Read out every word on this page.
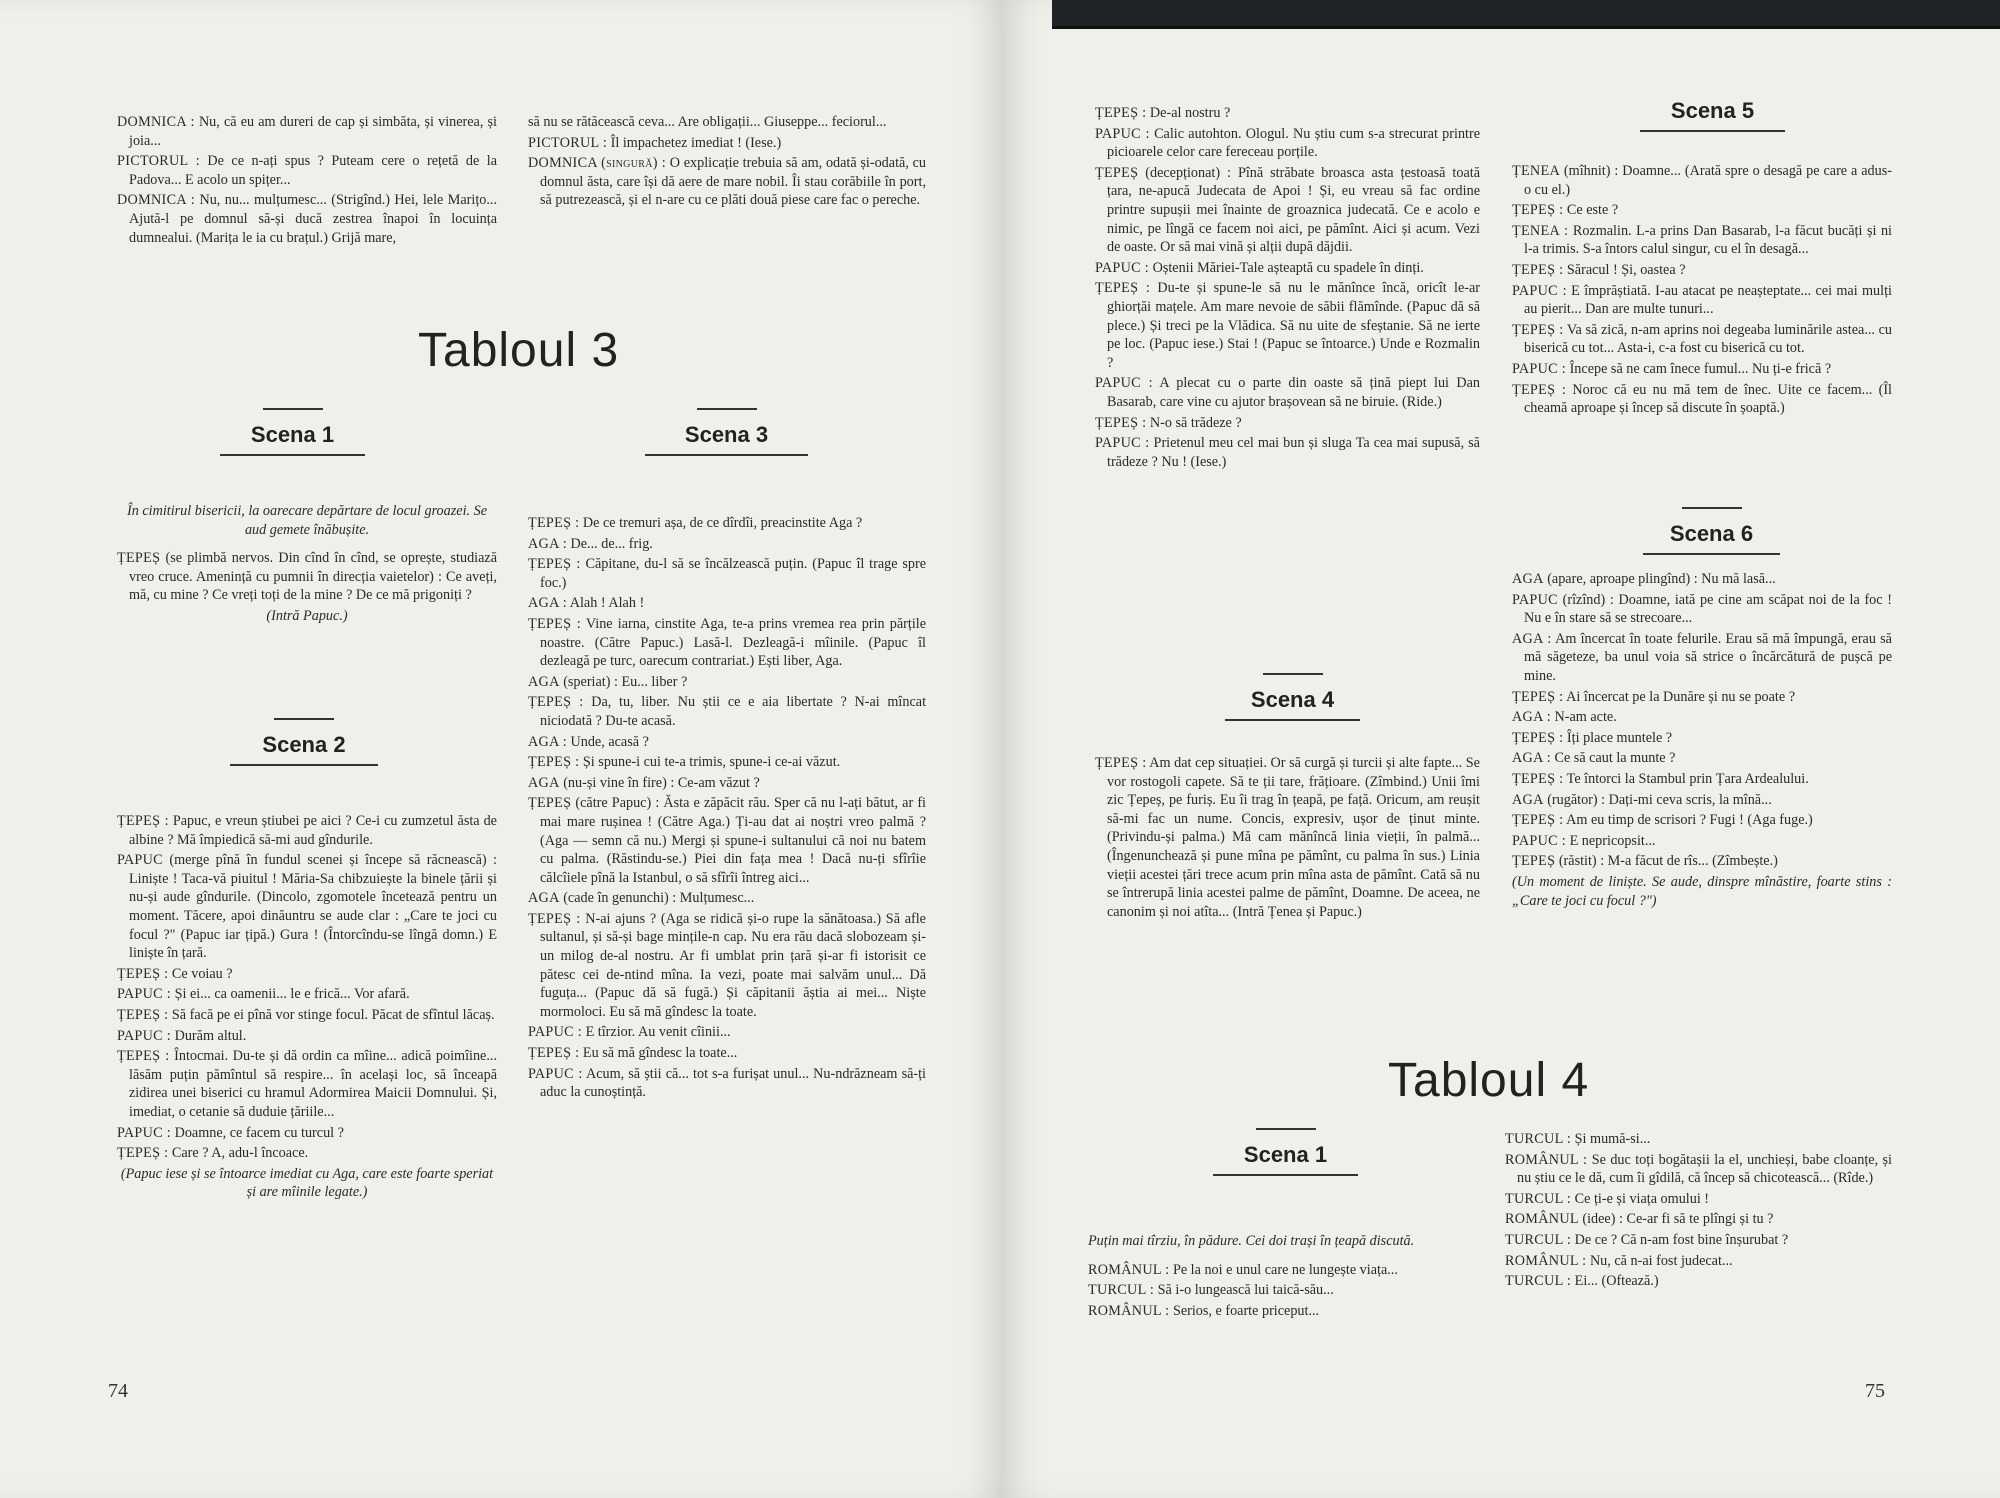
DOMNICA : Nu, că eu am dureri de cap și simbăta, și vinerea, și joia...

PICTORUL : De ce n-ați spus ? Puteam cere o rețetă de la Padova... E acolo un spițer...

DOMNICA : Nu, nu... mulțumesc... (Strigînd.) Hei, lele Marițo... Ajută-l pe domnul să-și ducă zestrea înapoi în locuința dumnealui. (Marița le ia cu brațul.) Grijă mare,

să nu se rătăcească ceva... Are obligații... Giuseppe... feciorul...

PICTORUL : Îl impachetez imediat ! (Iese.)

DOMNICA (singură) : O explicație trebuia să am, odată și-odată, cu domnul ăsta, care își dă aere de mare nobil. Îi stau corăbiile în port, să putrezească, și el n-are cu ce plăti două piese care fac o pereche.

Tabloul 3
Scena 1	Scena 3

În cimitirul bisericii, la oarecare depărtare de locul groazei. Se aud gemete înăbușite.

ȚEPEȘ (se plimbă nervos. Din cînd în cînd, se oprește, studiază vreo cruce. Amenință cu pumnii în direcția vaietelor) : Ce aveți, mă, cu mine ? Ce vreți toți de la mine ? De ce mă prigoniți ?

(Intră Papuc.)

Scena 2

ȚEPEȘ : Papuc, e vreun știubei pe aici ? Ce-i cu zumzetul ăsta de albine ? Mă împiedică să-mi aud gîndurile.

PAPUC (merge pînă în fundul scenei și începe să răcnească) : Liniște ! Taca-vă piuitul ! Măria-Sa chibzuiește la binele țării și nu-și aude gîndurile. (Dincolo, zgomotele încetează pentru un moment. Tăcere, apoi dinăuntru se aude clar : „Care te joci cu focul ?" (Papuc iar țipă.) Gura ! (Întorcîndu-se lîngă domn.) E liniște în țară.

ȚEPEȘ : Ce voiau ?

PAPUC : Și ei... ca oamenii... le e frică... Vor afară.

ȚEPEȘ : Să facă pe ei pînă vor stinge focul. Păcat de sfîntul lăcaș.

PAPUC : Durăm altul.

ȚEPEȘ : Întocmai. Du-te și dă ordin ca mîine... adică poimîine... lăsăm puțin pămîntul să respire... în același loc, să înceapă zidirea unei biserici cu hramul Adormirea Maicii Domnului. Și, imediat, o cetanie să duduie țăriile...

PAPUC : Doamne, ce facem cu turcul ?

ȚEPEȘ : Care ? A, adu-l încoace.

(Papuc iese și se întoarce imediat cu Aga, care este foarte speriat și are mîinile legate.)

ȚEPEȘ : De ce tremuri așa, de ce dîrdîi, preacinstite Aga ?

AGA : De... de... frig.

ȚEPEȘ : Căpitane, du-l să se încălzească puțin. (Papuc îl trage spre foc.)

AGA : Alah ! Alah !

ȚEPEȘ : Vine iarna, cinstite Aga, te-a prins vremea rea prin părțile noastre. (Către Papuc.) Lasă-l. Dezleagă-i mîinile. (Papuc îl dezleagă pe turc, oarecum contrariat.) Ești liber, Aga.

AGA (speriat) : Eu... liber ?

ȚEPEȘ : Da, tu, liber. Nu știi ce e aia libertate ? N-ai mîncat niciodată ? Du-te acasă.

AGA : Unde, acasă ?

ȚEPEȘ : Și spune-i cui te-a trimis, spune-i ce-ai văzut.

AGA (nu-și vine în fire) : Ce-am văzut ?

ȚEPEȘ (către Papuc) : Ăsta e zăpăcit rău. Sper că nu l-ați bătut, ar fi mai mare rușinea ! (Către Aga.) Ți-au dat ai noștri vreo palmă ? (Aga — semn că nu.) Mergi și spune-i sultanului că noi nu batem cu palma. (Răstindu-se.) Piei din fața mea ! Dacă nu-ți sfîrîie călcîiele pînă la Istanbul, o să sfîrîi întreg aici...

AGA (cade în genunchi) : Mulțumesc...

ȚEPEȘ : N-ai ajuns ? (Aga se ridică și-o rupe la sănătoasa.) Să afle sultanul, și să-și bage mințile-n cap. Nu era rău dacă slobozeam și-un milog de-al nostru. Ar fi umblat prin țară și-ar fi istorisit ce pătesc cei de-ntind mîna. Ia vezi, poate mai salvăm unul... Dă fuguța... (Papuc dă să fugă.) Și căpitanii ăștia ai mei... Niște mormoloci. Eu să mă gîndesc la toate.

PAPUC : E tîrzior. Au venit cîinii...

ȚEPEȘ : Eu să mă gîndesc la toate...

PAPUC : Acum, să știi că... tot s-a furișat unul... Nu-ndrăzneam să-ți aduc la cunoștință.

74

ȚEPEȘ : De-al nostru ?

PAPUC : Calic autohton. Ologul. Nu știu cum s-a strecurat printre picioarele celor care fereceau porțile.

ȚEPEȘ (decepționat) : Pînă străbate broasca asta țestoasă toată țara, ne-apucă Judecata de Apoi ! Și, eu vreau să fac ordine printre supușii mei înainte de groaznica judecată. Ce e acolo e nimic, pe lîngă ce facem noi aici, pe pămînt. Aici și acum. Vezi de oaste. Or să mai vină și alții după dăjdii.

PAPUC : Oștenii Măriei-Tale așteaptă cu spadele în dinți.

ȚEPEȘ : Du-te și spune-le să nu le mănînce încă, oricît le-ar ghiorțăi mațele. Am mare nevoie de săbii flămînde. (Papuc dă să plece.) Și treci pe la Vlădica. Să nu uite de sfeștanie. Să ne ierte pe loc. (Papuc iese.) Stai ! (Papuc se întoarce.) Unde e Rozmalin ?

PAPUC : A plecat cu o parte din oaste să țină piept lui Dan Basarab, care vine cu ajutor brașovean să ne biruie. (Ride.)

ȚEPEȘ : N-o să trădeze ?

PAPUC : Prietenul meu cel mai bun și sluga Ta cea mai supusă, să trădeze ? Nu ! (Iese.)

Scena 4

ȚEPEȘ : Am dat cep situației. Or să curgă și turcii și alte fapte... Se vor rostogoli capete. Să te ții tare, frățioare. (Zîmbind.) Unii îmi zic Țepeș, pe furiș. Eu îi trag în țeapă, pe față. Oricum, am reușit să-mi fac un nume. Concis, expresiv, ușor de ținut minte. (Privindu-și palma.) Mă cam mănîncă linia vieții, în palmă... (Îngenunchează și pune mîna pe pămînt, cu palma în sus.) Linia vieții acestei țări trece acum prin mîna asta de pămînt. Cată să nu se întrerupă linia acestei palme de pămînt, Doamne. De aceea, ne canonim și noi atîta... (Intră Țenea și Papuc.)

Scena 5

ȚENEA (mîhnit) : Doamne... (Arată spre o desagă pe care a adus-o cu el.)

ȚEPEȘ : Ce este ?

ȚENEA : Rozmalin. L-a prins Dan Basarab, l-a făcut bucăți și ni l-a trimis. S-a întors calul singur, cu el în desagă...

ȚEPEȘ : Săracul ! Și, oastea ?

PAPUC : E împrăștiată. I-au atacat pe neașteptate... cei mai mulți au pierit... Dan are multe tunuri...

ȚEPEȘ : Va să zică, n-am aprins noi degeaba luminările astea... cu biserică cu tot... Asta-i, c-a fost cu biserică cu tot.

PAPUC : Începe să ne cam înece fumul... Nu ți-e frică ?

ȚEPEȘ : Noroc că eu nu mă tem de înec. Uite ce facem... (Îl cheamă aproape și încep să discute în șoaptă.)

Scena 6

AGA (apare, aproape plingînd) : Nu mă lasă...

PAPUC (rîzînd) : Doamne, iată pe cine am scăpat noi de la foc ! Nu e în stare să se strecoare...

AGA : Am încercat în toate felurile. Erau să mă împungă, erau să mă săgeteze, ba unul voia să strice o încărcătură de pușcă pe mine.

ȚEPEȘ : Ai încercat pe la Dunăre și nu se poate ?

AGA : N-am acte.

ȚEPEȘ : Îți place muntele ?

AGA : Ce să caut la munte ?

ȚEPEȘ : Te întorci la Stambul prin Țara Ardealului.

AGA (rugător) : Dați-mi ceva scris, la mînă...

ȚEPEȘ : Am eu timp de scrisori ? Fugi ! (Aga fuge.)

PAPUC : E nepricopsit...

ȚEPEȘ (răstit) : M-a făcut de rîs... (Zîmbește.)

(Un moment de liniște. Se aude, dinspre mînăstire, foarte stins : „Care te joci cu focul ?")

Tabloul 4
Scena 1

Puțin mai tîrziu, în pădure. Cei doi trași în țeapă discută.

ROMÂNUL : Pe la noi e unul care ne lungește viața...

TURCUL : Să i-o lungească lui taică-său...

ROMÂNUL : Serios, e foarte priceput...

TURCUL : Și mumă-si...

ROMÂNUL : Se duc toți bogătașii la el, unchieși, babe cloanțe, și nu știu ce le dă, cum îi gîdilă, că încep să chicotească... (Rîde.)

TURCUL : Ce ți-e și viața omului !

ROMÂNUL (idee) : Ce-ar fi să te plîngi și tu ?

TURCUL : De ce ? Că n-am fost bine înșurubat ?

ROMÂNUL : Nu, că n-ai fost judecat...

TURCUL : Ei... (Oftează.)

75
